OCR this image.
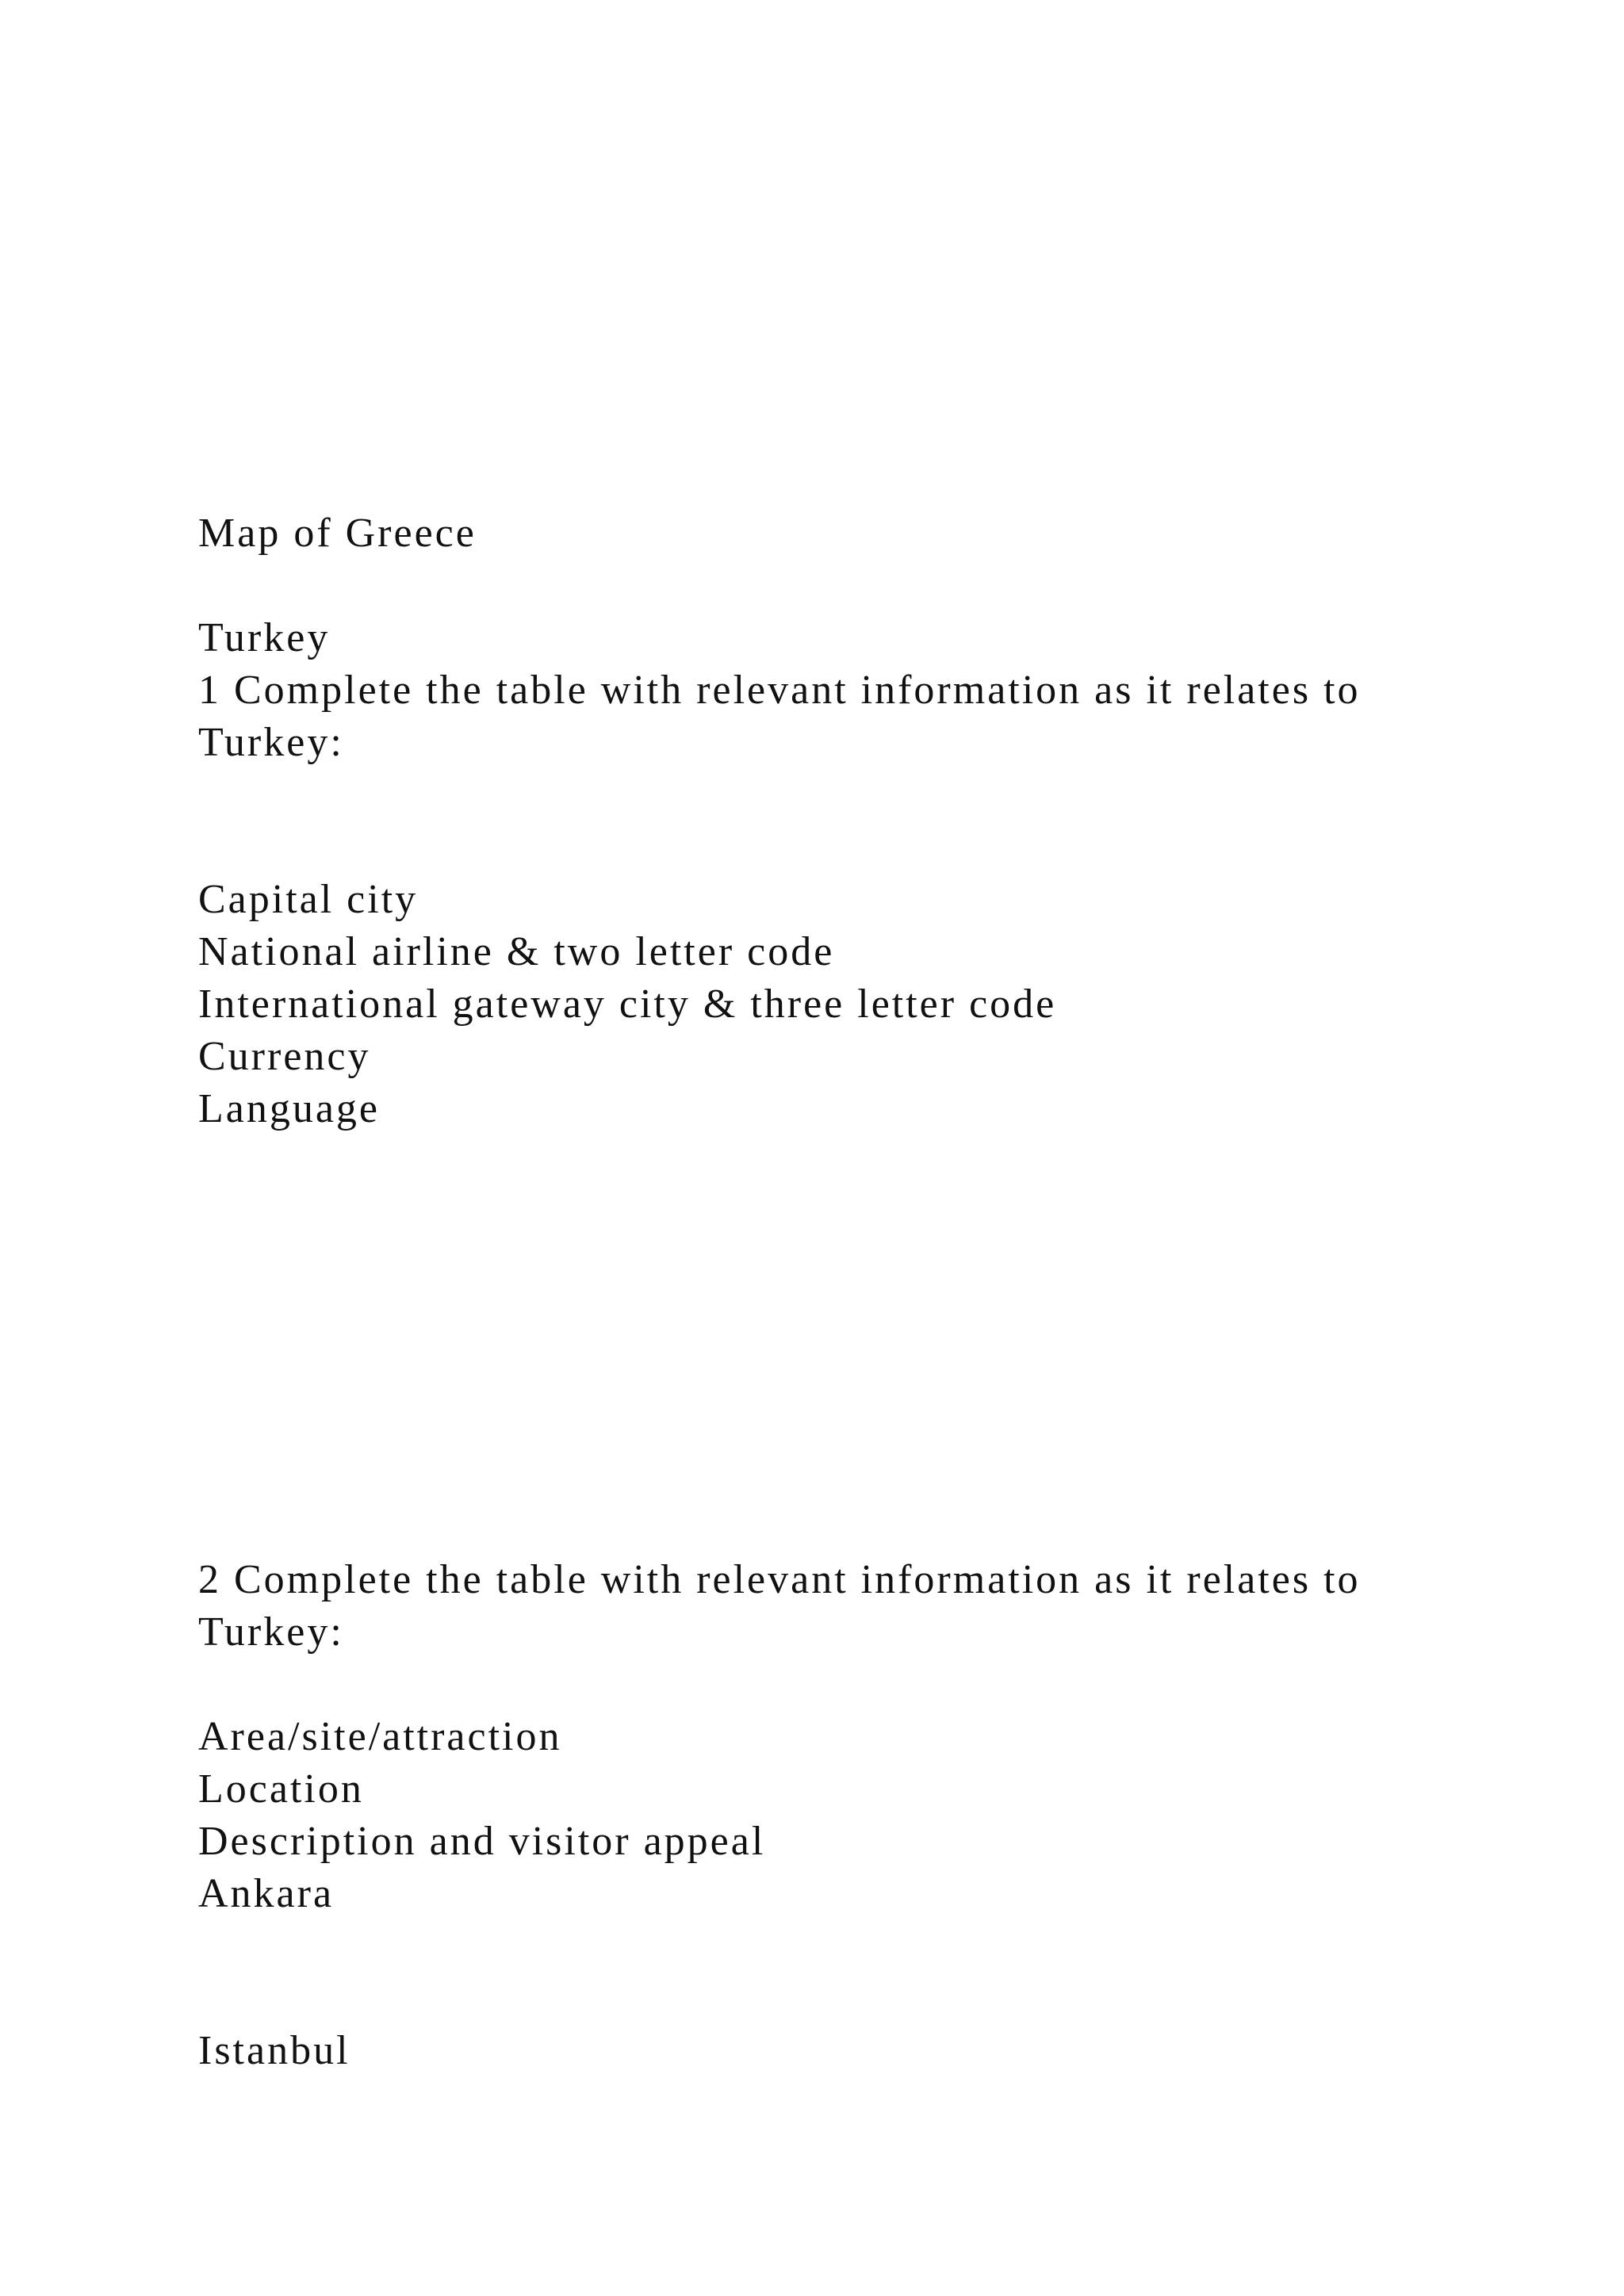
Map of Greece

Turkey

1 Complete the table with relevant information as it relates to

Turkey:

Capital city

National airline & two letter code

International gateway city & three letter code

Currency

Language

2 Complete the table with relevant information as it relates to

Turkey:

Area/site/attraction

Location

Description and visitor appeal

Ankara

Istanbul
